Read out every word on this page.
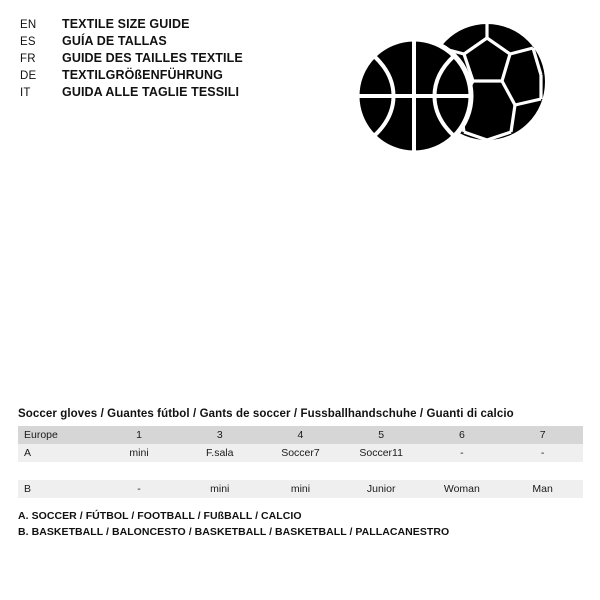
EN	TEXTILE SIZE GUIDE
ES	GUÍA DE TALLAS
FR	GUIDE DES TAILLES TEXTILE
DE	TEXTILGRÖßENFÜHRUNG
IT	GUIDA ALLE TAGLIE TESSILI
Soccer gloves / Guantes fútbol / Gants de soccer / Fussballhandschuhe / Guanti di calcio
Europe	1	3	4	5	6	7
A	mini	F.sala	Soccer7	Soccer11	-	-

B	-	mini	mini	Junior	Woman	Man
A. SOCCER / FÚTBOL / FOOTBALL / FUßBALL / CALCIO
B. BASKETBALL / BALONCESTO / BASKETBALL / BASKETBALL / PALLACANESTRO
